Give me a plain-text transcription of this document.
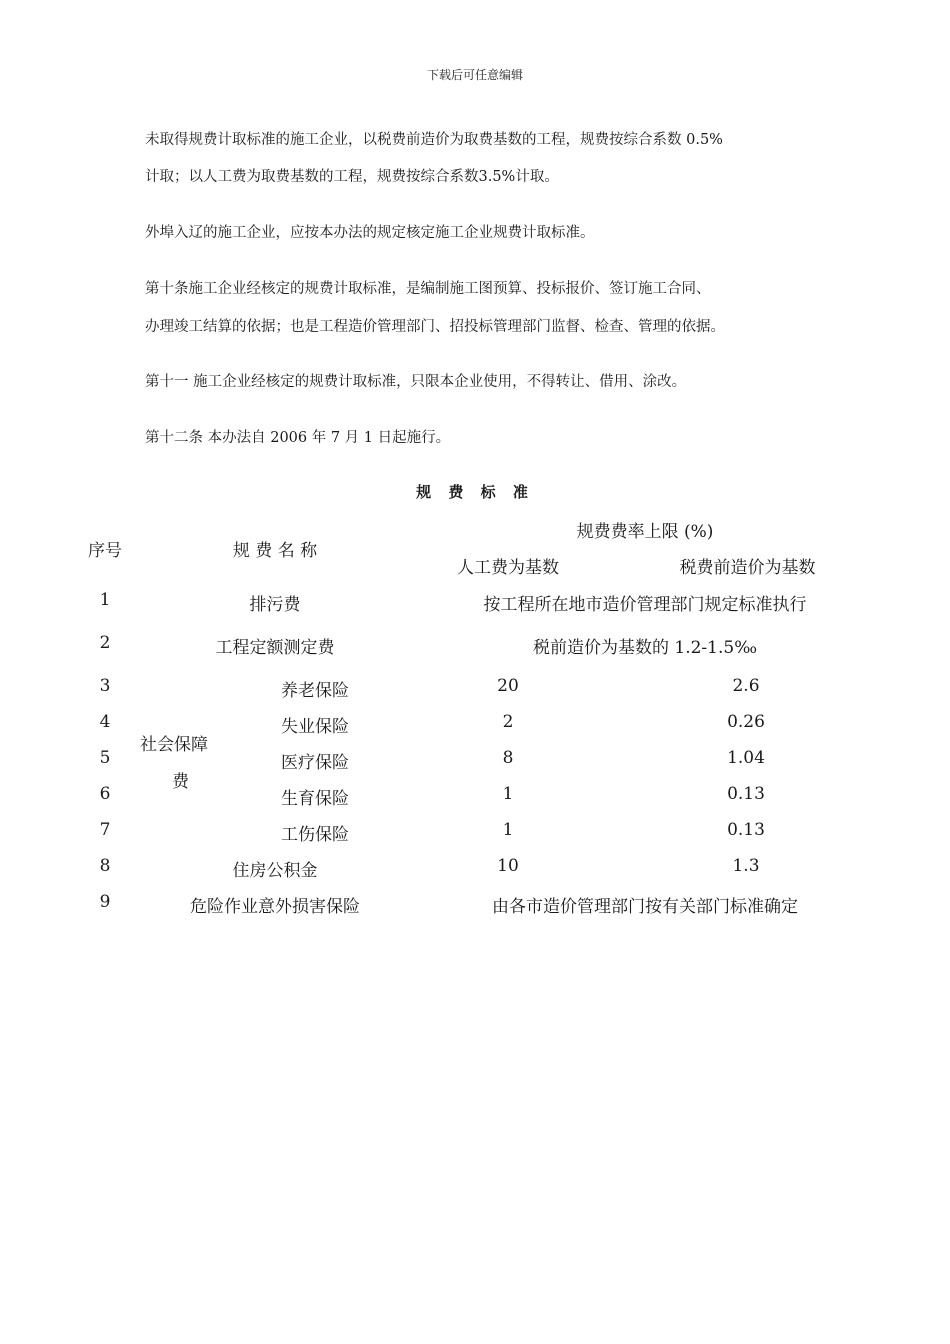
下载后可任意编辑
未取得规费计取标准的施工企业，以税费前造价为取费基数的工程，规费按综合系数 0.5%
计取；以人工费为取费基数的工程，规费按综合系数3.5%计取。
外埠入辽的施工企业，应按本办法的规定核定施工企业规费计取标准。
第十条施工企业经核定的规费计取标准，是编制施工图预算、投标报价、签订施工合同、
办理竣工结算的依据；也是工程造价管理部门、招投标管理部门监督、检查、管理的依据。
第十一 施工企业经核定的规费计取标准，只限本企业使用，不得转让、借用、涂改。
第十二条 本办法自 2006 年 7 月 1 日起施行。
规 费 标 准
序号	规 费 名 称
规费费率上限 (%)
人工费为基数	税费前造价为基数
1	排污费	按工程所在地市造价管理部门规定标准执行
2	工程定额测定费	税前造价为基数的 1.2-1.5‰
社会保障
费
3	养老保险	20	2.6
4	失业保险	2	0.26
5	医疗保险	8	1.04
6	生育保险	1	0.13
7	工伤保险	1	0.13
8	住房公积金	10	1.3
9	危险作业意外损害保险	由各市造价管理部门按有关部门标准确定
